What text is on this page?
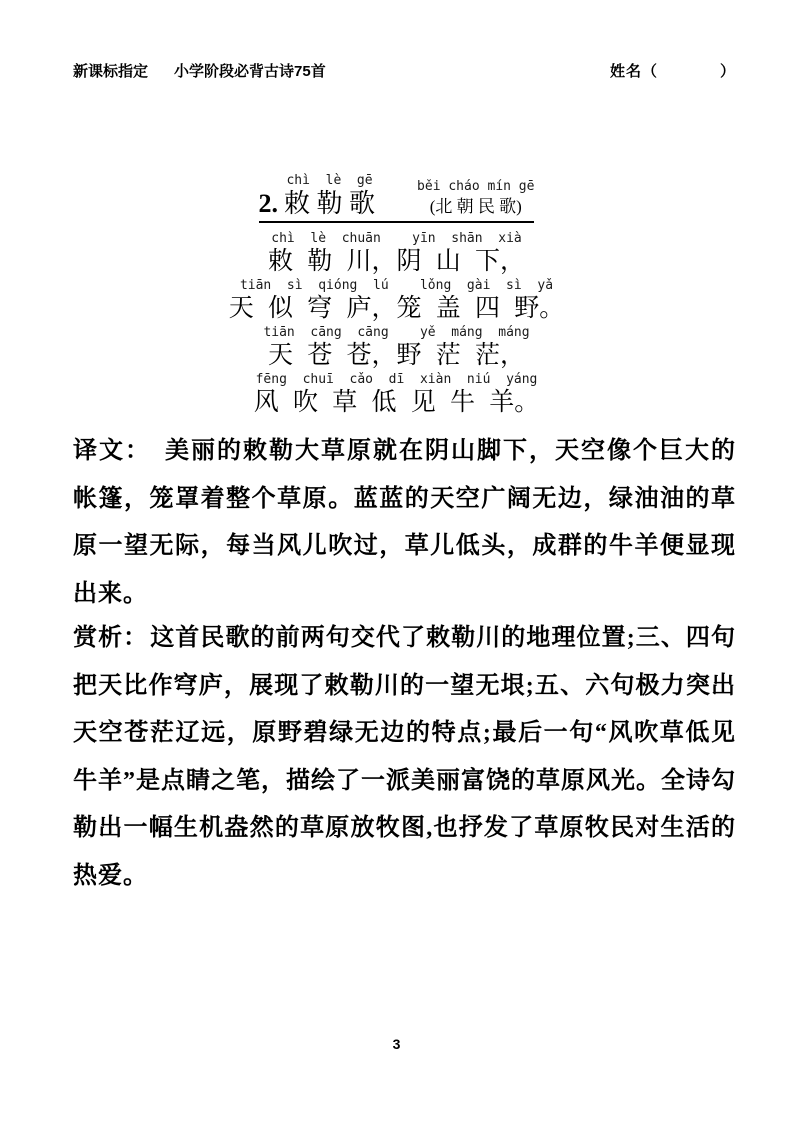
新课标指定 小学阶段必背古诗75首	姓名（            ）
2.
chì  lè  gē
敕 勒 歌
běi cháo mín gē
(北 朝 民 歌)
chì  lè  chuān    yīn  shān  xià
敕 勒 川，阴 山 下，
tiān  sì  qióng  lú    lǒng  gài  sì  yǎ
天 似 穹 庐，笼 盖 四 野。
tiān  cāng  cāng    yě  máng  máng
天 苍 苍，野 茫 茫，
fēng  chuī  cǎo  dī  xiàn  niú  yáng
风 吹 草 低 见 牛 羊。

译文： 美丽的敕勒大草原就在阴山脚下，天空像个巨大的帐篷，笼罩着整个草原。蓝蓝的天空广阔无边，绿油油的草原一望无际，每当风儿吹过，草儿低头，成群的牛羊便显现出来。

赏析：这首民歌的前两句交代了敕勒川的地理位置;三、四句把天比作穹庐，展现了敕勒川的一望无垠;五、六句极力突出天空苍茫辽远，原野碧绿无边的特点;最后一句“风吹草低见牛羊”是点睛之笔，描绘了一派美丽富饶的草原风光。全诗勾勒出一幅生机盎然的草原放牧图,也抒发了草原牧民对生活的热爱。

3
